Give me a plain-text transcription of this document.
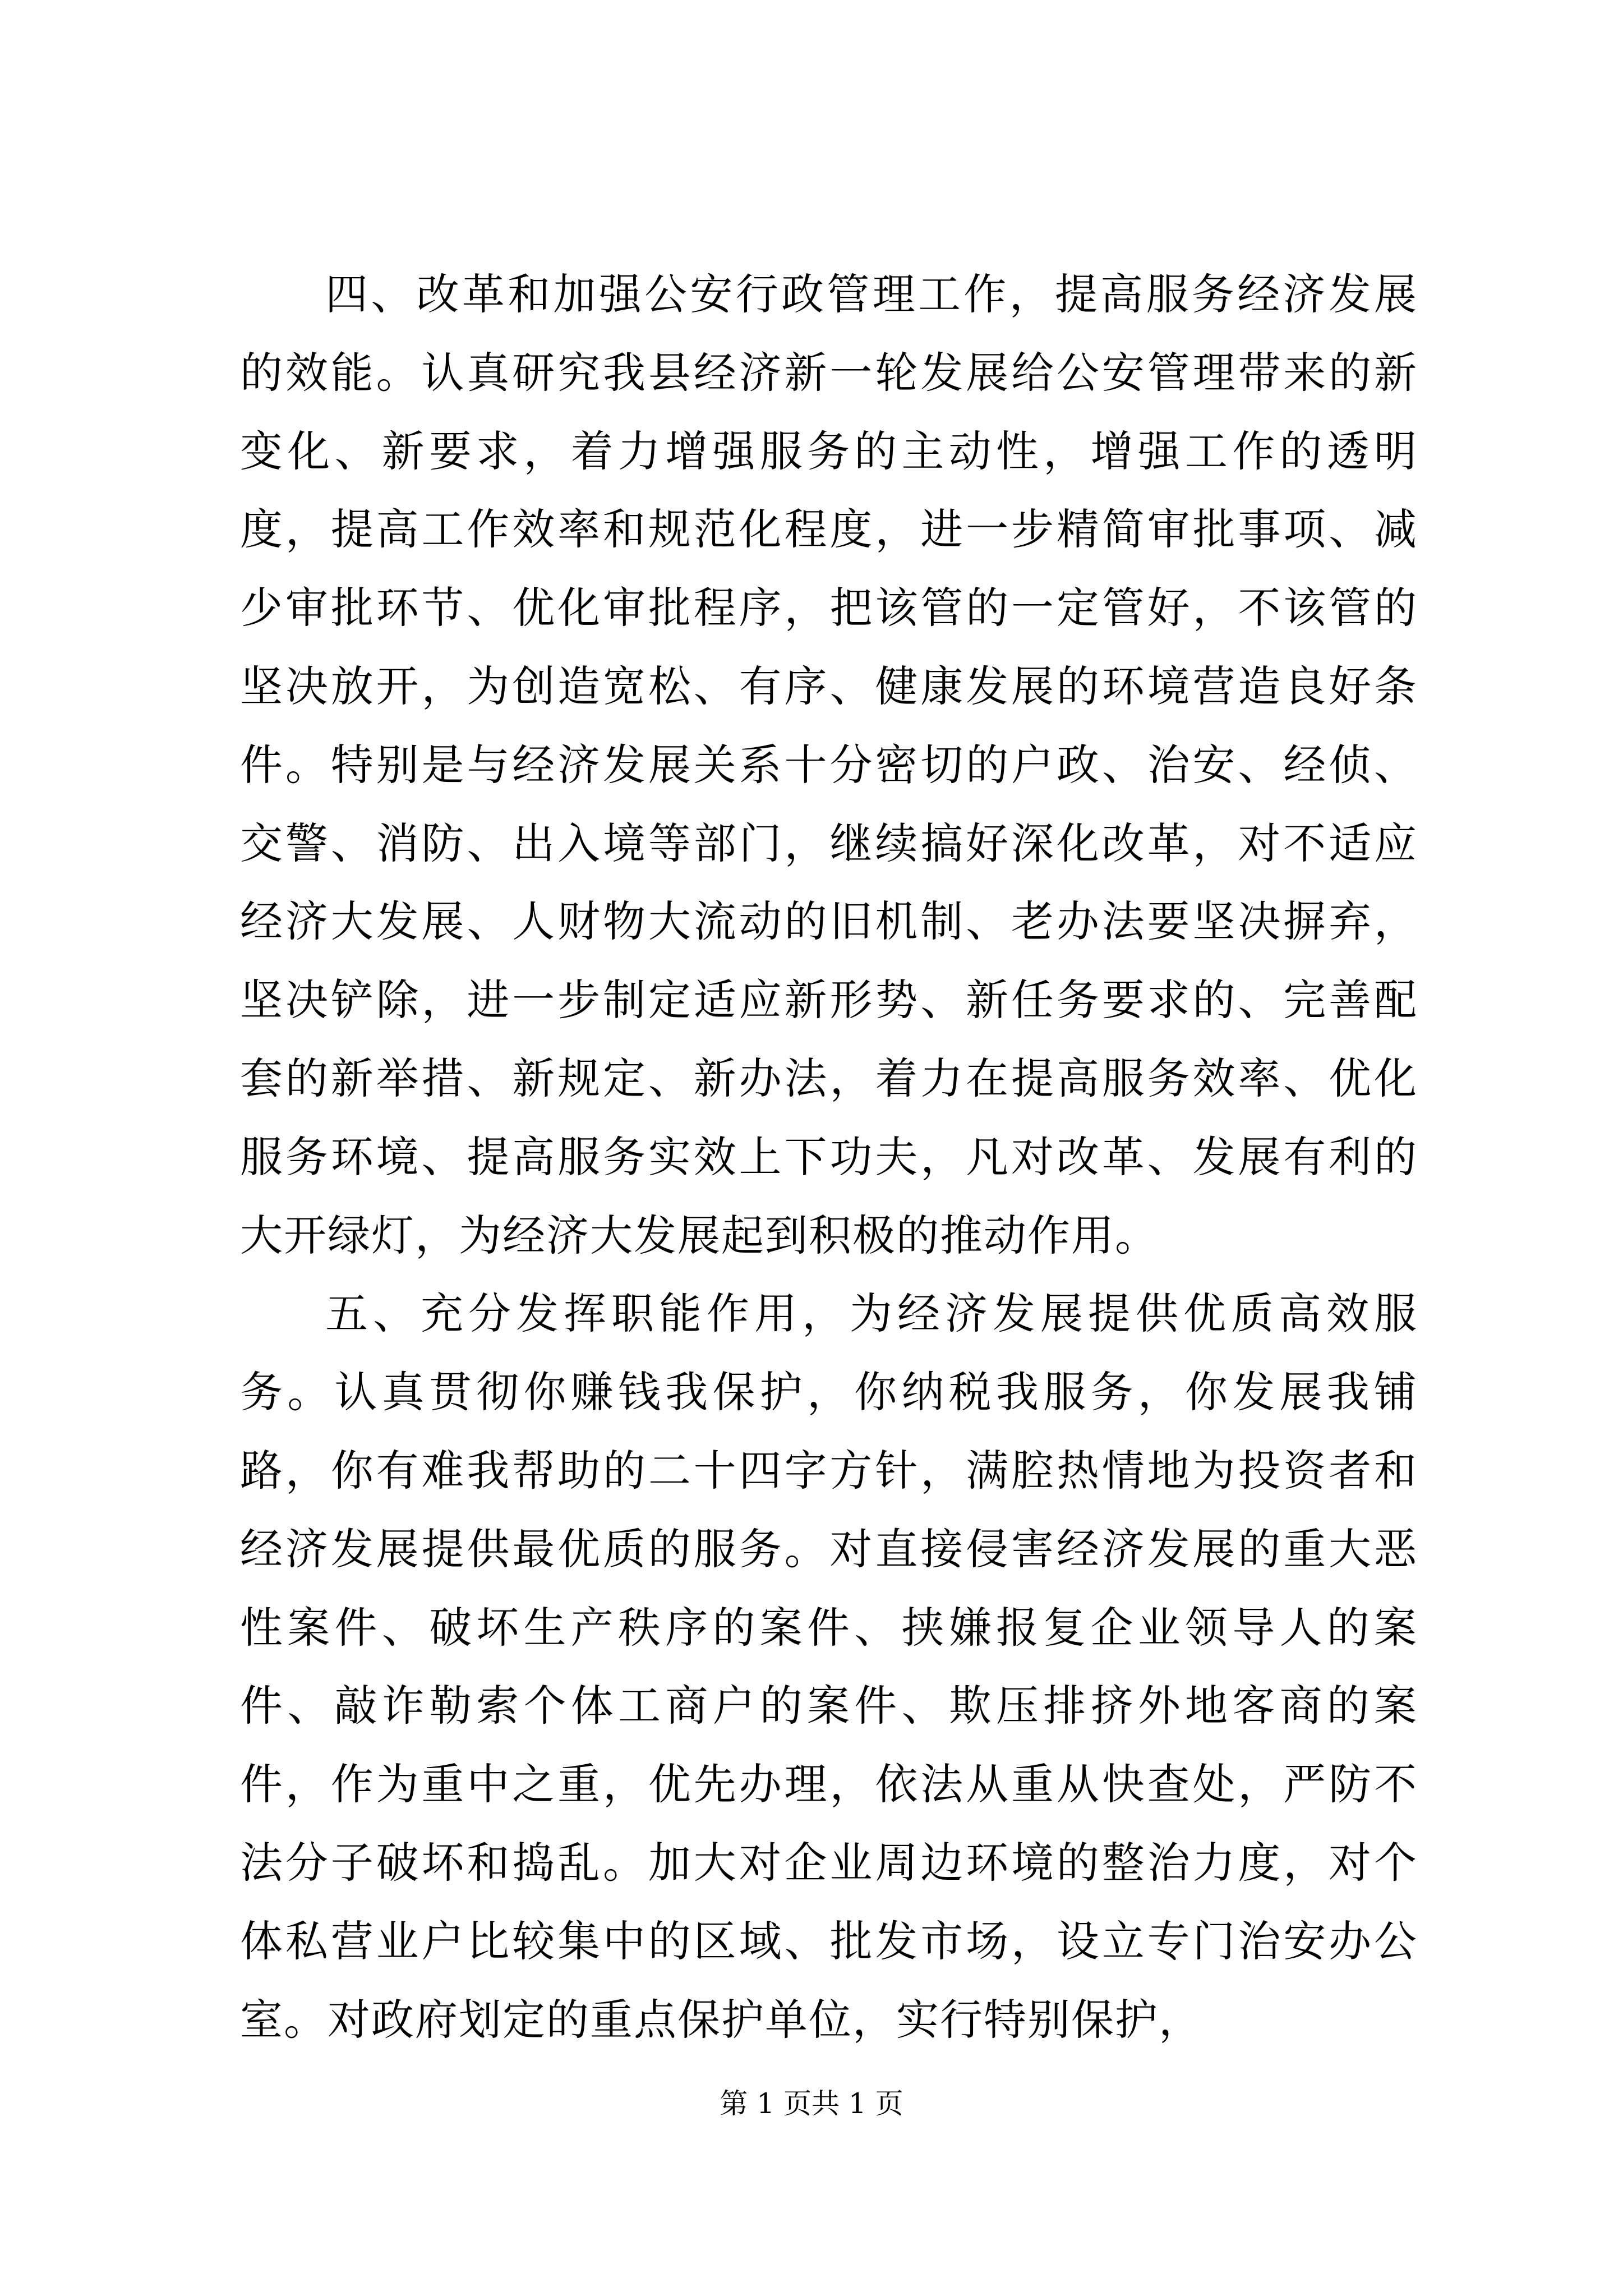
四、改革和加强公安行政管理工作，提高服务经济发展的效能。认真研究我县经济新一轮发展给公安管理带来的新变化、新要求，着力增强服务的主动性，增强工作的透明度，提高工作效率和规范化程度，进一步精简审批事项、减少审批环节、优化审批程序，把该管的一定管好，不该管的坚决放开，为创造宽松、有序、健康发展的环境营造良好条件。特别是与经济发展关系十分密切的户政、治安、经侦、交警、消防、出入境等部门，继续搞好深化改革，对不适应经济大发展、人财物大流动的旧机制、老办法要坚决摒弃，坚决铲除，进一步制定适应新形势、新任务要求的、完善配套的新举措、新规定、新办法，着力在提高服务效率、优化服务环境、提高服务实效上下功夫，凡对改革、发展有利的大开绿灯，为经济大发展起到积极的推动作用。

五、充分发挥职能作用，为经济发展提供优质高效服务。认真贯彻你赚钱我保护，你纳税我服务，你发展我铺路，你有难我帮助的二十四字方针，满腔热情地为投资者和经济发展提供最优质的服务。对直接侵害经济发展的重大恶性案件、破坏生产秩序的案件、挟嫌报复企业领导人的案件、敲诈勒索个体工商户的案件、欺压排挤外地客商的案件，作为重中之重，优先办理，依法从重从快查处，严防不法分子破坏和捣乱。加大对企业周边环境的整治力度，对个体私营业户比较集中的区域、批发市场，设立专门治安办公室。对政府划定的重点保护单位，实行特别保护，

第 1 页共 1 页
